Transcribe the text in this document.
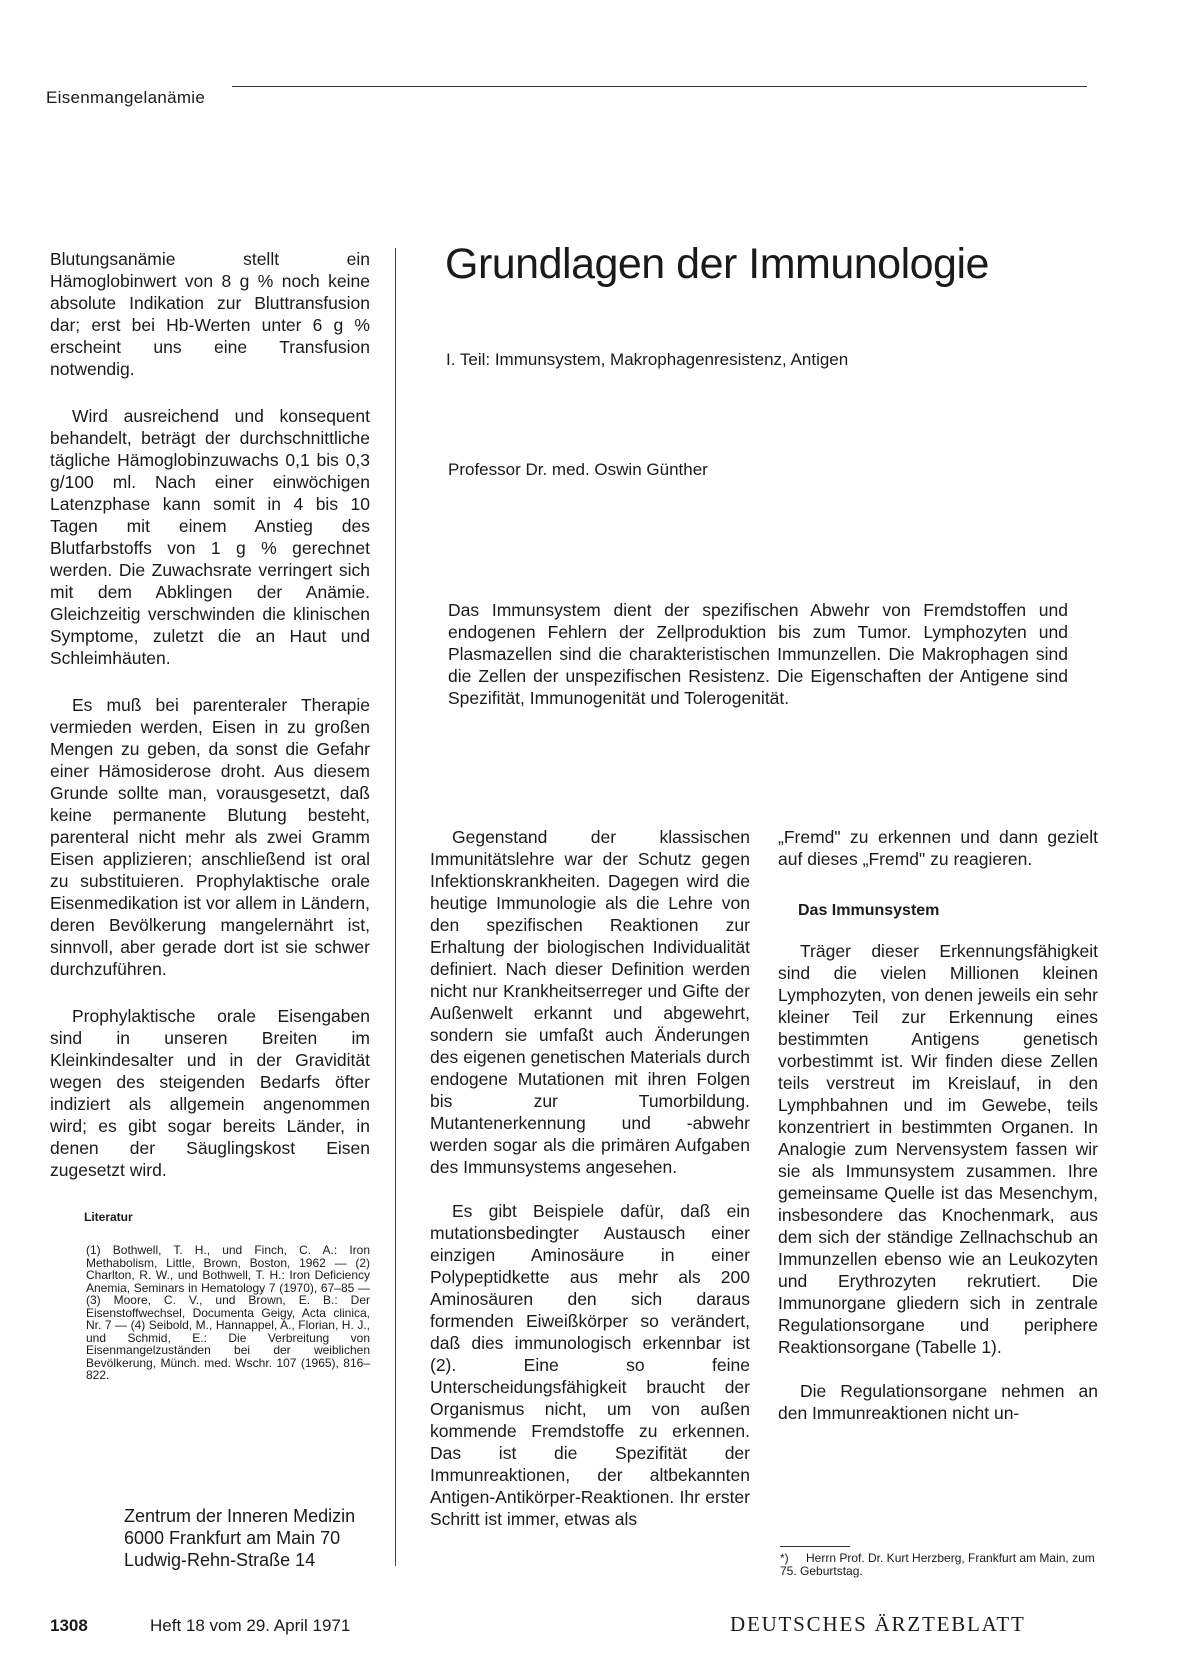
Eisenmangelanämie

Blutungsanämie stellt ein Hämoglobinwert von 8 g % noch keine absolute Indikation zur Bluttransfusion dar; erst bei Hb-Werten unter 6 g % erscheint uns eine Transfusion notwendig.

Wird ausreichend und konsequent behandelt, beträgt der durchschnittliche tägliche Hämoglobinzuwachs 0,1 bis 0,3 g/100 ml. Nach einer einwöchigen Latenzphase kann somit in 4 bis 10 Tagen mit einem Anstieg des Blutfarbstoffs von 1 g % gerechnet werden. Die Zuwachsrate verringert sich mit dem Abklingen der Anämie. Gleichzeitig verschwinden die klinischen Symptome, zuletzt die an Haut und Schleimhäuten.

Es muß bei parenteraler Therapie vermieden werden, Eisen in zu großen Mengen zu geben, da sonst die Gefahr einer Hämosiderose droht. Aus diesem Grunde sollte man, vorausgesetzt, daß keine permanente Blutung besteht, parenteral nicht mehr als zwei Gramm Eisen applizieren; anschließend ist oral zu substituieren. Prophylaktische orale Eisenmedikation ist vor allem in Ländern, deren Bevölkerung mangelernährt ist, sinnvoll, aber gerade dort ist sie schwer durchzuführen.

Prophylaktische orale Eisengaben sind in unseren Breiten im Kleinkindesalter und in der Gravidität wegen des steigenden Bedarfs öfter indiziert als allgemein angenommen wird; es gibt sogar bereits Länder, in denen der Säuglingskost Eisen zugesetzt wird.

Literatur
(1) Bothwell, T. H., und Finch, C. A.: Iron Methabolism, Little, Brown, Boston, 1962 — (2) Charlton, R. W., und Bothwell, T. H.: Iron Deficiency Anemia, Seminars in Hematology 7 (1970), 67–85 — (3) Moore, C. V., und Brown, E. B.: Der Eisenstoffwechsel, Documenta Geigy, Acta clinica, Nr. 7 — (4) Seibold, M., Hannappel, A., Florian, H. J., und Schmid, E.: Die Verbreitung von Eisenmangelzuständen bei der weiblichen Bevölkerung, Münch. med. Wschr. 107 (1965), 816–822.
Zentrum der Inneren Medizin
6000 Frankfurt am Main 70
Ludwig-Rehn-Straße 14
Grundlagen der Immunologie
I. Teil: Immunsystem, Makrophagenresistenz, Antigen
Professor Dr. med. Oswin Günther
Das Immunsystem dient der spezifischen Abwehr von Fremdstoffen und endogenen Fehlern der Zellproduktion bis zum Tumor. Lymphozyten und Plasmazellen sind die charakteristischen Immunzellen. Die Makrophagen sind die Zellen der unspezifischen Resistenz. Die Eigenschaften der Antigene sind Spezifität, Immunogenität und Tolerogenität.

Gegenstand der klassischen Immunitätslehre war der Schutz gegen Infektionskrankheiten. Dagegen wird die heutige Immunologie als die Lehre von den spezifischen Reaktionen zur Erhaltung der biologischen Individualität definiert. Nach dieser Definition werden nicht nur Krankheitserreger und Gifte der Außenwelt erkannt und abgewehrt, sondern sie umfaßt auch Änderungen des eigenen genetischen Materials durch endogene Mutationen mit ihren Folgen bis zur Tumorbildung. Mutantenerkennung und -abwehr werden sogar als die primären Aufgaben des Immunsystems angesehen.

Es gibt Beispiele dafür, daß ein mutationsbedingter Austausch einer einzigen Aminosäure in einer Polypeptidkette aus mehr als 200 Aminosäuren den sich daraus formenden Eiweißkörper so verändert, daß dies immunologisch erkennbar ist (2). Eine so feine Unterscheidungsfähigkeit braucht der Organismus nicht, um von außen kommende Fremdstoffe zu erkennen. Das ist die Spezifität der Immunreaktionen, der altbekannten Antigen-Antikörper-Reaktionen. Ihr erster Schritt ist immer, etwas als

„Fremd" zu erkennen und dann gezielt auf dieses „Fremd" zu reagieren.

Das Immunsystem

Träger dieser Erkennungsfähigkeit sind die vielen Millionen kleinen Lymphozyten, von denen jeweils ein sehr kleiner Teil zur Erkennung eines bestimmten Antigens genetisch vorbestimmt ist. Wir finden diese Zellen teils verstreut im Kreislauf, in den Lymphbahnen und im Gewebe, teils konzentriert in bestimmten Organen. In Analogie zum Nervensystem fassen wir sie als Immunsystem zusammen. Ihre gemeinsame Quelle ist das Mesenchym, insbesondere das Knochenmark, aus dem sich der ständige Zellnachschub an Immunzellen ebenso wie an Leukozyten und Erythrozyten rekrutiert. Die Immunorgane gliedern sich in zentrale Regulationsorgane und periphere Reaktionsorgane (Tabelle 1).

Die Regulationsorgane nehmen an den Immunreaktionen nicht un-

*) Herrn Prof. Dr. Kurt Herzberg, Frankfurt am Main, zum 75. Geburtstag.
1308	Heft 18 vom 29. April 1971	DEUTSCHES ÄRZTEBLATT
